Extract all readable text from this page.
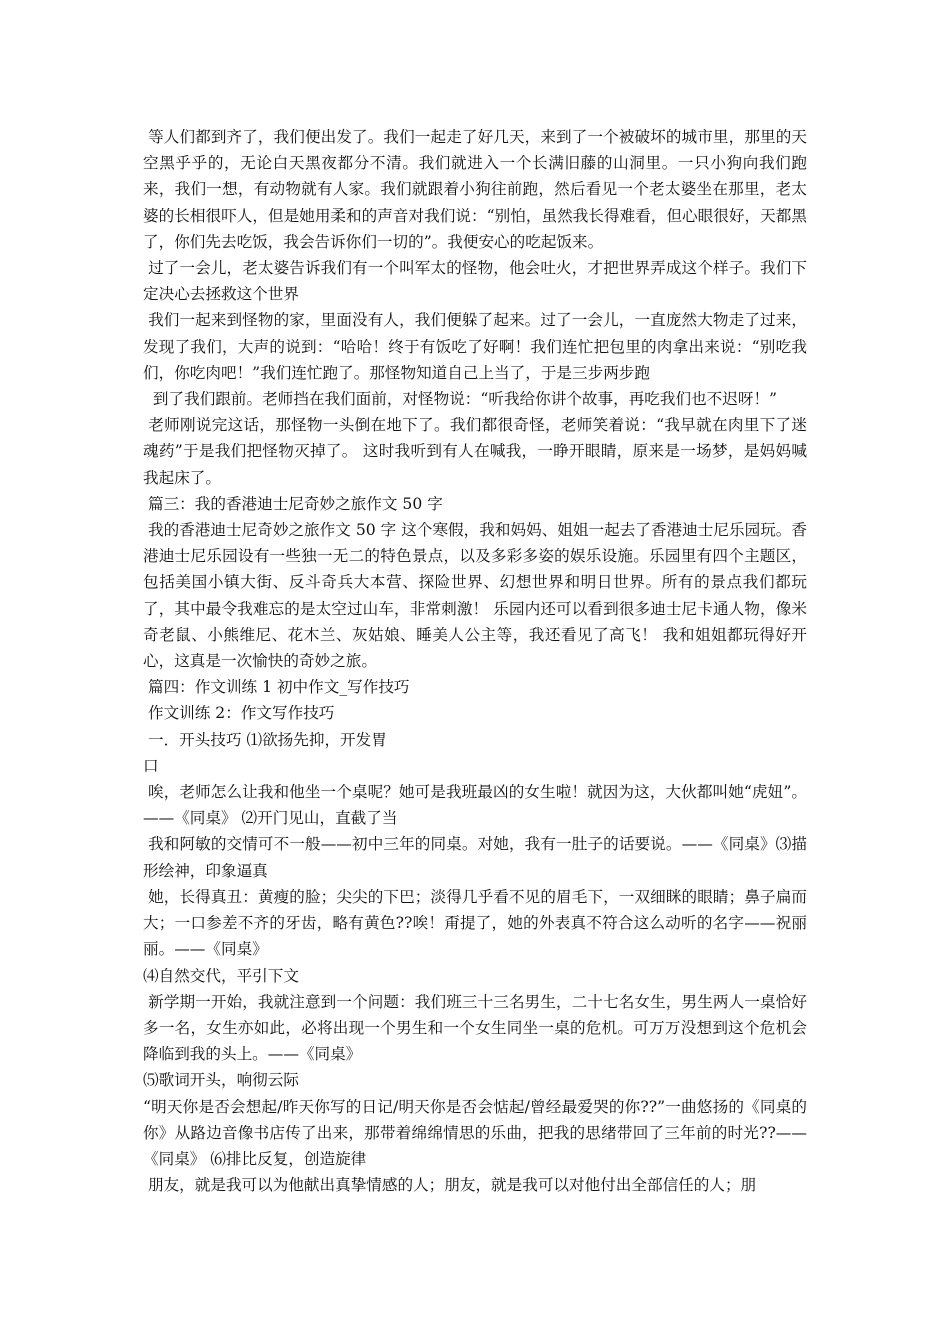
等人们都到齐了，我们便出发了。我们一起走了好几天，来到了一个被破坏的城市里，那里的天空黑乎乎的，无论白天黑夜都分不清。我们就进入一个长满旧藤的山洞里。一只小狗向我们跑来，我们一想，有动物就有人家。我们就跟着小狗往前跑，然后看见一个老太婆坐在那里，老太婆的长相很吓人，但是她用柔和的声音对我们说：“别怕，虽然我长得难看，但心眼很好，天都黑了，你们先去吃饭，我会告诉你们一切的”。我便安心的吃起饭来。

过了一会儿，老太婆告诉我们有一个叫军太的怪物，他会吐火，才把世界弄成这个样子。我们下定决心去拯救这个世界

我们一起来到怪物的家，里面没有人，我们便躲了起来。过了一会儿，一直庞然大物走了过来，发现了我们，大声的说到：“哈哈！终于有饭吃了好啊！我们连忙把包里的肉拿出来说：“别吃我们，你吃肉吧！”我们连忙跑了。那怪物知道自己上当了，于是三步两步跑

到了我们跟前。老师挡在我们面前，对怪物说：“听我给你讲个故事，再吃我们也不迟呀！”

老师刚说完这话，那怪物一头倒在地下了。我们都很奇怪，老师笑着说：“我早就在肉里下了迷魂药”于是我们把怪物灭掉了。 这时我听到有人在喊我，一睁开眼睛，原来是一场梦，是妈妈喊我起床了。

篇三：我的香港迪士尼奇妙之旅作文 50 字

我的香港迪士尼奇妙之旅作文 50 字 这个寒假，我和妈妈、姐姐一起去了香港迪士尼乐园玩。香港迪士尼乐园设有一些独一无二的特色景点，以及多彩多姿的娱乐设施。乐园里有四个主题区，包括美国小镇大街、反斗奇兵大本营、探险世界、幻想世界和明日世界。所有的景点我们都玩了，其中最令我难忘的是太空过山车，非常刺激！ 乐园内还可以看到很多迪士尼卡通人物，像米奇老鼠、小熊维尼、花木兰、灰姑娘、睡美人公主等，我还看见了高飞！ 我和姐姐都玩得好开心，这真是一次愉快的奇妙之旅。

篇四：作文训练 1 初中作文_写作技巧

作文训练 2：作文写作技巧

一．开头技巧 ⑴欲扬先抑，开发胃

口

唉，老师怎么让我和他坐一个桌呢？她可是我班最凶的女生啦！就因为这，大伙都叫她“虎妞”。——《同桌》 ⑵开门见山，直截了当

我和阿敏的交情可不一般——初中三年的同桌。对她，我有一肚子的话要说。——《同桌》⑶描形绘神，印象逼真

她，长得真丑：黄瘦的脸；尖尖的下巴；淡得几乎看不见的眉毛下，一双细眯的眼睛；鼻子扁而大；一口参差不齐的牙齿，略有黄色??唉！甭提了，她的外表真不符合这么动听的名字——祝丽丽。——《同桌》

⑷自然交代，平引下文

新学期一开始，我就注意到一个问题：我们班三十三名男生，二十七名女生，男生两人一桌恰好多一名，女生亦如此，必将出现一个男生和一个女生同坐一桌的危机。可万万没想到这个危机会降临到我的头上。——《同桌》

⑸歌词开头，响彻云际

“明天你是否会想起/昨天你写的日记/明天你是否会惦起/曾经最爱哭的你??”一曲悠扬的《同桌的你》从路边音像书店传了出来，那带着绵绵情思的乐曲，把我的思绪带回了三年前的时光??——《同桌》 ⑹排比反复，创造旋律

朋友，就是我可以为他献出真挚情感的人；朋友，就是我可以对他付出全部信任的人；朋
